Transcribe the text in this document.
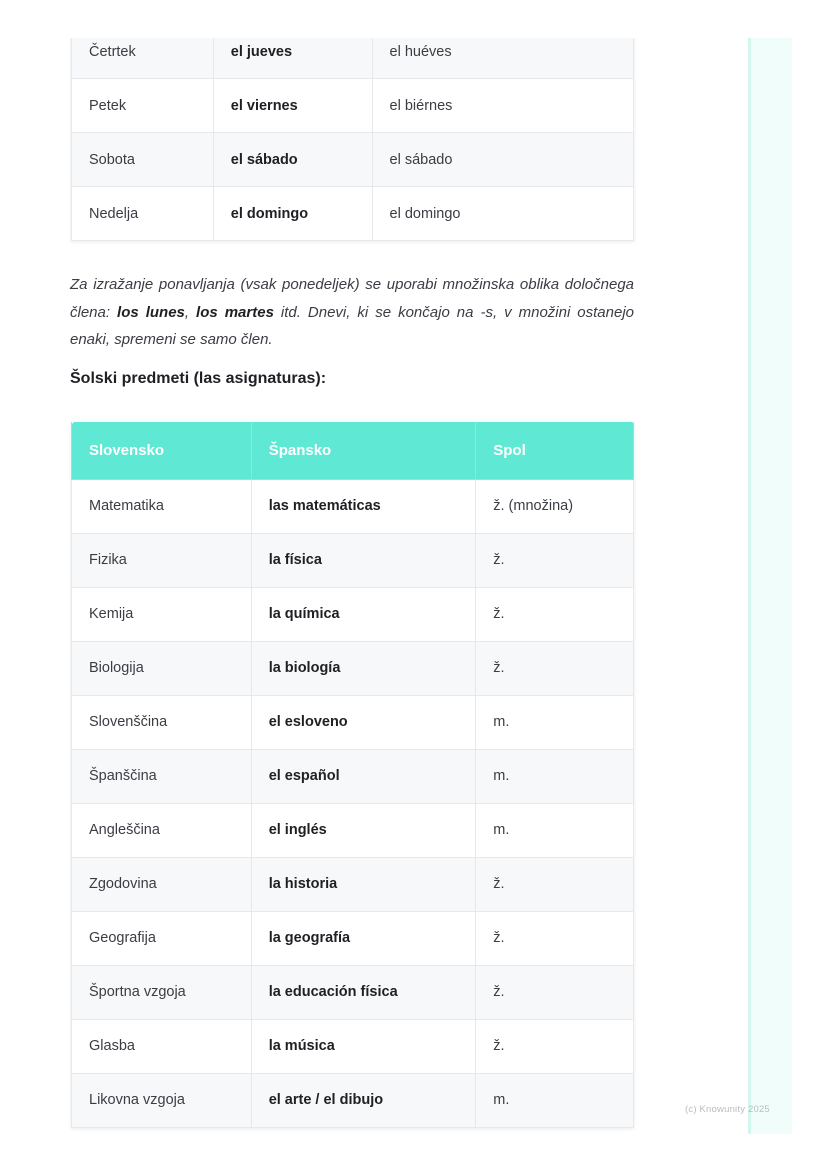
Četrtek	el jueves	el huéves
Petek	el viernes	el biérnes
Sobota	el sábado	el sábado
Nedelja	el domingo	el domingo

Za izražanje ponavljanja (vsak ponedeljek) se uporabi množinska oblika določnega člena: los lunes, los martes itd. Dnevi, ki se končajo na -s, v množini ostanejo enaki, spremeni se samo člen.

Šolski predmeti (las asignaturas):
Slovensko	Špansko	Spol
Matematika	las matemáticas	ž. (množina)
Fizika	la física	ž.
Kemija	la química	ž.
Biologija	la biología	ž.
Slovenščina	el esloveno	m.
Španščina	el español	m.
Angleščina	el inglés	m.
Zgodovina	la historia	ž.
Geografija	la geografía	ž.
Športna vzgoja	la educación física	ž.
Glasba	la música	ž.
Likovna vzgoja	el arte / el dibujo	m.
(c) Knowunity 2025
